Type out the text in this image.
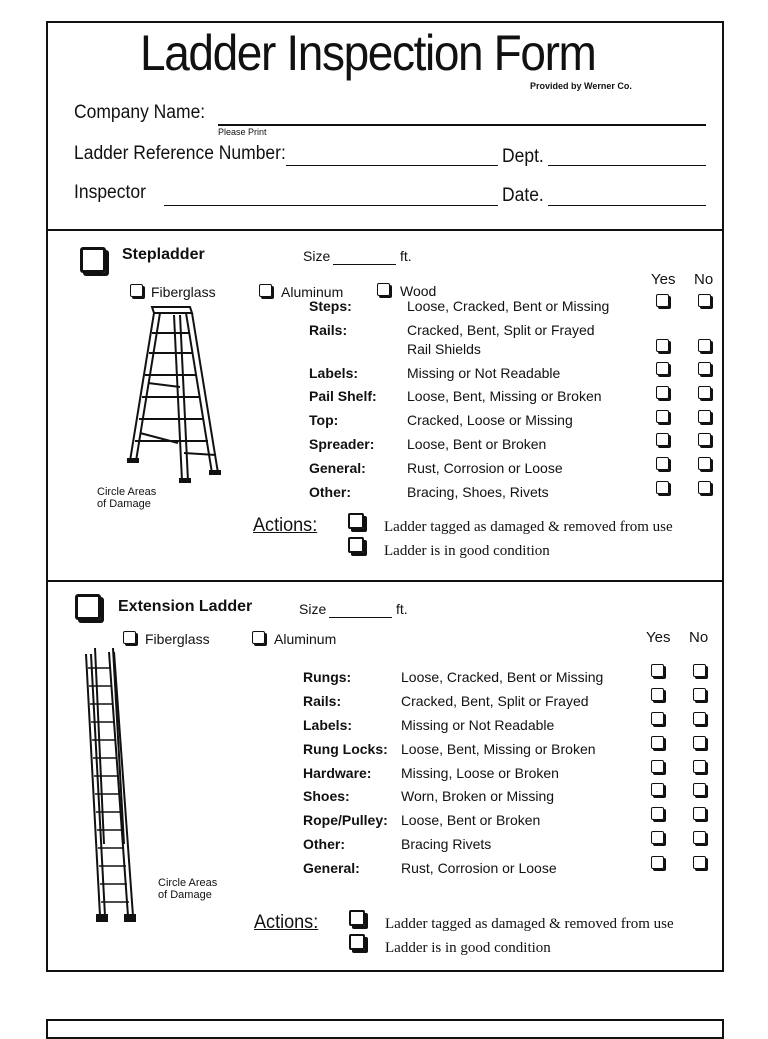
Ladder Inspection Form
Provided by Werner Co.
Company Name:
Please Print
Ladder Reference Number:	Dept.
Inspector	Date.
Stepladder	Size	ft.
Fiberglass	Aluminum	Wood
Yes No
Circle Areas
of Damage
Steps:	Loose, Cracked, Bent or Missing
Rails:	Cracked, Bent, Split or Frayed
Rail Shields
Labels:	Missing or Not Readable
Pail Shelf: Loose, Bent, Missing or Broken
Top:	Cracked, Loose or Missing
Spreader: Loose, Bent or Broken
General:	Rust, Corrosion or Loose
Other:	Bracing, Shoes, Rivets
Actions:	Ladder tagged as damaged & removed from use
Ladder is in good condition
Extension Ladder	Size	ft.
Fiberglass	Aluminum	Yes No
Circle Areas
of Damage
Rungs:	Loose, Cracked, Bent or Missing
Rails:	Cracked, Bent, Split or Frayed
Labels:	Missing or Not Readable
Rung Locks: Loose, Bent, Missing or Broken
Hardware: Missing, Loose or Broken
Shoes:	Worn, Broken or Missing
Rope/Pulley: Loose, Bent or Broken
Other:	Bracing Rivets
General:	Rust, Corrosion or Loose
Actions:	Ladder tagged as damaged & removed from use
Ladder is in good condition
